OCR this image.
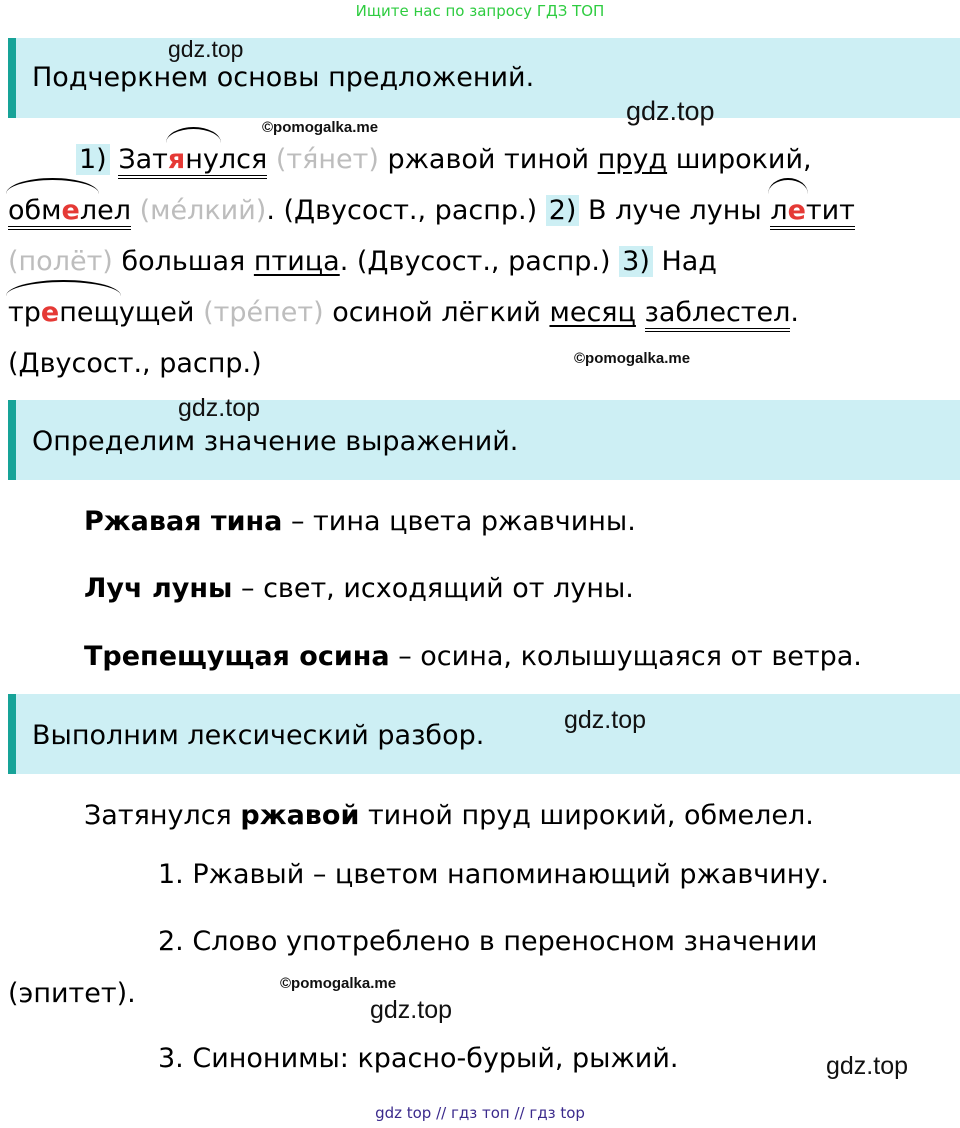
Ищите нас по запросу ГДЗ ТОП
Подчеркнем основы предложений.
gdz.top
gdz.top
©pomogalka.me
1) Затянулся (тя́нет) ржавой тиной пруд широкий,
обмелел (ме́лкий). (Двусост., распр.) 2) В луче луны летит
(полёт) большая птица. (Двусост., распр.) 3) Над
трепещущей (тре́пет) осиной лёгкий месяц заблестел.
(Двусост., распр.)	©pomogalka.me
Определим значение выражений.
gdz.top
Ржавая тина – тина цвета ржавчины.
Луч луны – свет, исходящий от луны.
Трепещущая осина – осина, колышущаяся от ветра.
Выполним лексический разбор.	gdz.top
Затянулся ржавой тиной пруд широкий, обмелел.
1. Ржавый – цветом напоминающий ржавчину.
2. Слово употреблено в переносном значении
(эпитет).	©pomogalka.me
gdz.top
3. Синонимы: красно-бурый, рыжий.	gdz.top
gdz top // гдз топ // гдз top
